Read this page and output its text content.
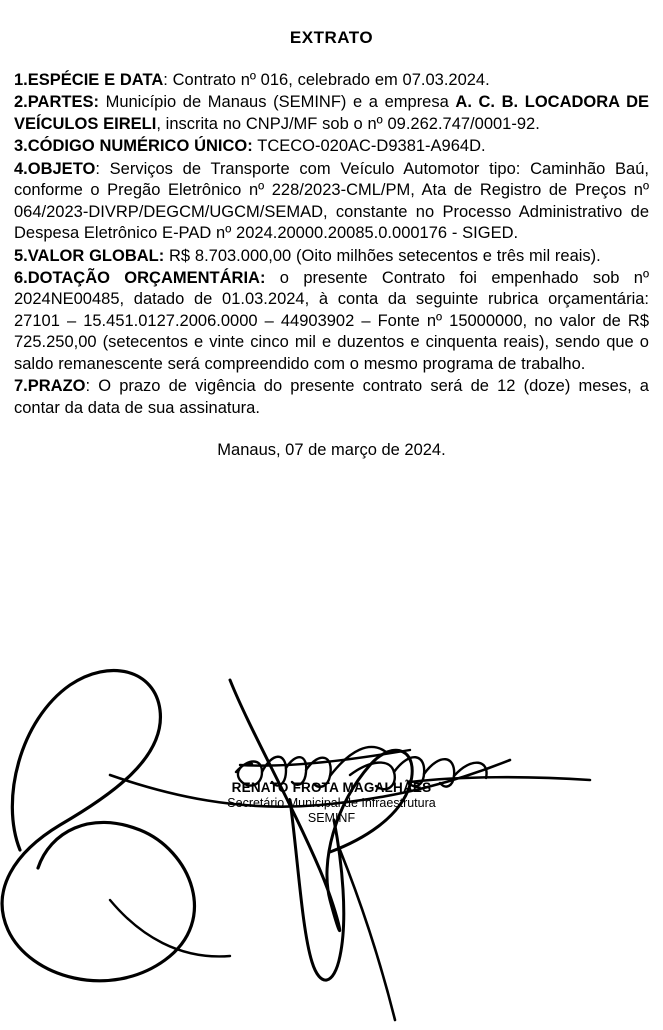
EXTRATO

1.ESPÉCIE E DATA: Contrato nº 016, celebrado em 07.03.2024.

2.PARTES: Município de Manaus (SEMINF) e a empresa A. C. B. LOCADORA DE VEÍCULOS EIRELI, inscrita no CNPJ/MF sob o nº 09.262.747/0001-92.

3.CÓDIGO NUMÉRICO ÚNICO: TCECO-020AC-D9381-A964D.

4.OBJETO: Serviços de Transporte com Veículo Automotor tipo: Caminhão Baú, conforme o Pregão Eletrônico nº 228/2023-CML/PM, Ata de Registro de Preços nº 064/2023-DIVRP/DEGCM/UGCM/SEMAD, constante no Processo Administrativo de Despesa Eletrônico E-PAD nº 2024.20000.20085.0.000176 - SIGED.

5.VALOR GLOBAL: R$ 8.703.000,00 (Oito milhões setecentos e três mil reais).

6.DOTAÇÃO ORÇAMENTÁRIA: o presente Contrato foi empenhado sob nº 2024NE00485, datado de 01.03.2024, à conta da seguinte rubrica orçamentária: 27101 – 15.451.0127.2006.0000 – 44903902 – Fonte nº 15000000, no valor de R$ 725.250,00 (setecentos e vinte cinco mil e duzentos e cinquenta reais), sendo que o saldo remanescente será compreendido com o mesmo programa de trabalho.

7.PRAZO: O prazo de vigência do presente contrato será de 12 (doze) meses, a contar da data de sua assinatura.

Manaus, 07 de março de 2024.
RENATO FROTA MAGALHÃES
Secretário Municipal de Infraestrutura
SEMINF
